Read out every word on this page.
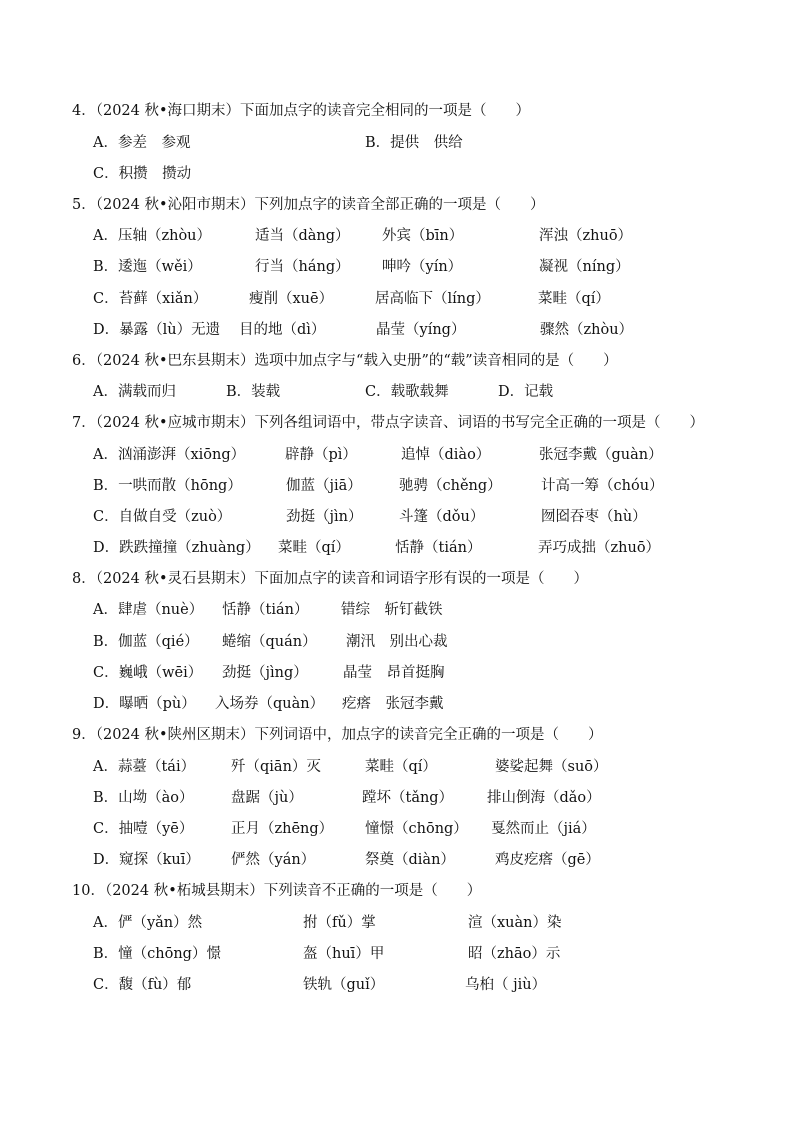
4．（2024 秋•海口期末）下面加点字的读音完全相同的一项是（　　）
A．参差　参观	B．提供　供给
C．积攒　攒动
5．（2024 秋•沁阳市期末）下列加点字的读音全部正确的一项是（　　）
A．压轴（zhòu）	适当（dàng） 外宾（bīn）	浑浊（zhuō）
B．逶迤（wěi）	行当（háng） 呻吟（yín）	凝视（níng）
C．苔藓（xiǎn）	瘦削（xuē）	居高临下（líng）	菜畦（qí）
D．暴露（lù）无遗 目的地（dì）	晶莹（yíng）	骤然（zhòu）
6．（2024 秋•巴东县期末）选项中加点字与“载入史册”的“载”读音相同的是（　　）
A．满载而归	B．装载	C．载歌载舞	D．记载
7．（2024 秋•应城市期末）下列各组词语中，带点字读音、词语的书写完全正确的一项是（　　）
A．汹涌澎湃（xiōng）	辟静（pì）	追悼（diào）	张冠李戴（guàn）
B．一哄而散（hōng）	伽蓝（jiā）	驰骋（chěng）	计高一筹（chóu）
C．自做自受（zuò）	劲挺（jìn）	斗篷（dǒu）	囫囵吞枣（hù）
D．跌跌撞撞（zhuàng） 菜畦（qí）	恬静（tián）	弄巧成拙（zhuō）
8．（2024 秋•灵石县期末）下面加点字的读音和词语字形有误的一项是（　　）
A．肆虐（nuè） 恬静（tián） 错综　斩钉截铁
B．伽蓝（qié） 蜷缩（quán） 潮汛　别出心裁
C．巍峨（wēi） 劲挺（jìng） 晶莹　昂首挺胸
D．曝晒（pù） 入场券（quàn） 疙瘩　张冠李戴
9．（2024 秋•陕州区期末）下列词语中，加点字的读音完全正确的一项是（　　）
A．蒜薹（tái） 歼（qiān）灭	菜畦（qí）	婆娑起舞（suō）
B．山坳（ào）	盘踞（jù）	蹚坏（tǎng） 排山倒海（dǎo）
C．抽噎（yē）	正月（zhēng） 憧憬（chōng） 戛然而止（jiá）
D．窥探（kuī） 俨然（yán）	祭奠（diàn）	鸡皮疙瘩（gē）
10．（2024 秋•柘城县期末）下列读音不正确的一项是（　　）
A．俨（yǎn）然	拊（fǔ）掌	渲（xuàn）染
B．憧（chōng）憬	盔（huī）甲	昭（zhāo）示
C．馥（fù）郁	铁轨（guǐ）	乌桕（ jiù）
